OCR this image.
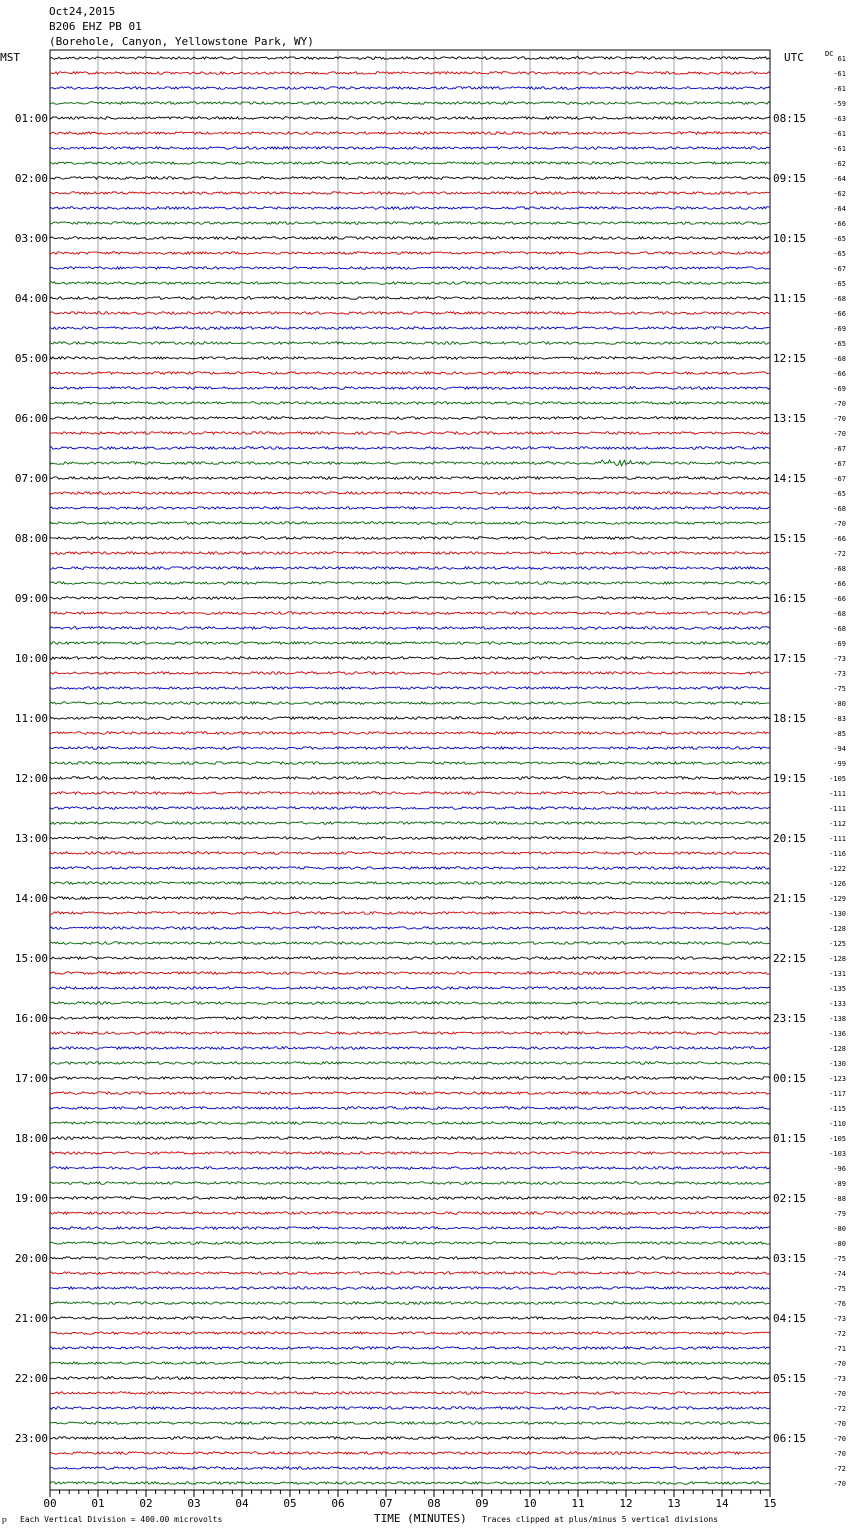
Oct24,2015
B206 EHZ PB 01
(Borehole, Canyon, Yellowstone Park, WY)
61
MST	UTC
-61
-61
-59
-63
01:00	08:15
-61
-61
-62
-64
02:00	09:15
-62
-64
-66
-65
03:00	10:15
-65
-67
-65
-68
04:00	11:15
-66
-69
-65
-68
05:00	12:15
-66
-69
-70
-70
06:00	13:15
-70
-67
-67
-67
07:00	14:15
-65
-68
-70
-66
08:00	15:15
-72
-68
-66
-66
09:00	16:15
-68
-68
-69
-73
10:00	17:15
-73
-75
-80
-83
11:00	18:15
-85
-94
-99
-105
12:00	19:15
-111
-111
-112
-111
13:00	20:15
-116
-122
-126
-129
14:00	21:15
-130
-128
-125
-128
15:00	22:15
-131
-135
-133
-138
16:00	23:15
-136
-128
-130
-123
17:00	00:15
-117
-115
-110
-105
18:00	01:15
-103
-96
-89
-88
19:00	02:15
-79
-80
-80
-75
20:00	03:15
-74
-75
-76
-73
21:00	04:15
-72
-71
-70
-73
22:00	05:15
-70
-72
-70
-70
23:00	06:15
-70
-72
-70
DC
00	01	02	03	04	05	06	07	08	09	10	11	12	13	14	15
TIME (MINUTES)
ℙ Each Vertical Division = 400.00 microvolts	Traces clipped at plus/minus 5 vertical divisions
